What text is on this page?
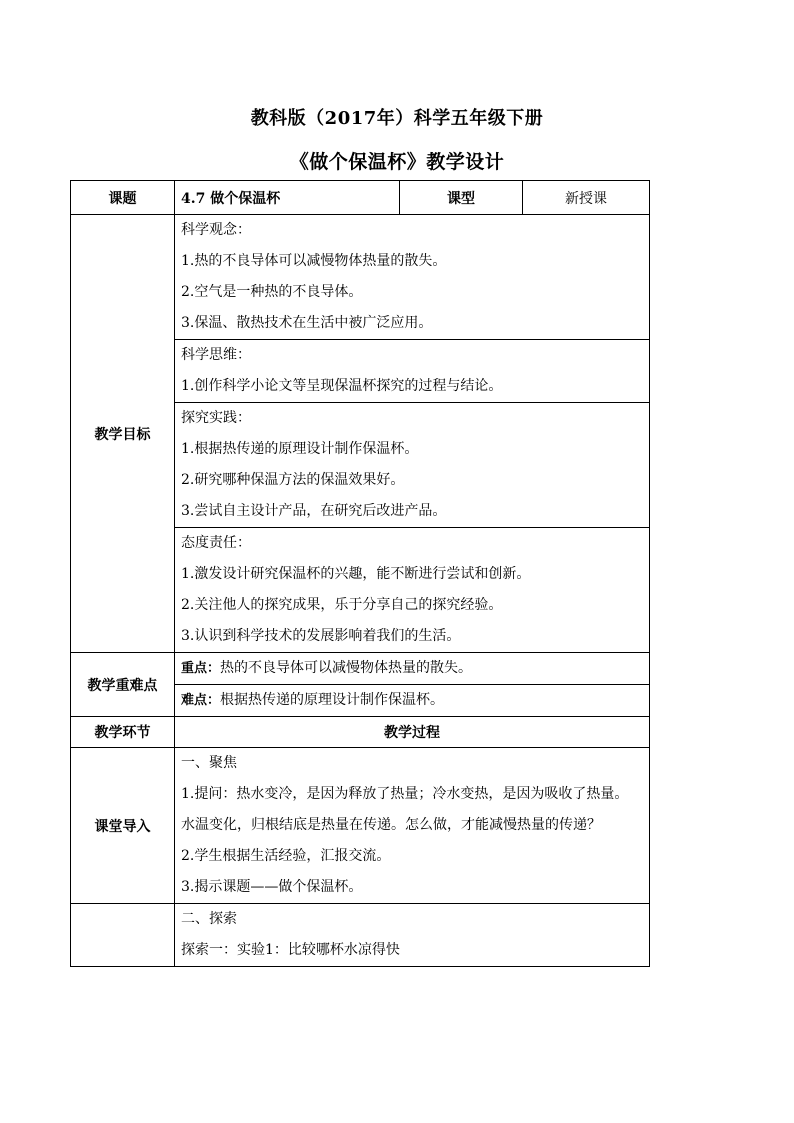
教科版（2017年）科学五年级下册
《做个保温杯》教学设计
课题	4.7 做个保温杯	课型	新授课
教学目标	科学观念：
1.热的不良导体可以减慢物体热量的散失。
2.空气是一种热的不良导体。
3.保温、散热技术在生活中被广泛应用。		

	科学思维：
1.创作科学小论文等呈现保温杯探究的过程与结论。		

	探究实践：
1.根据热传递的原理设计制作保温杯。
2.研究哪种保温方法的保温效果好。
3.尝试自主设计产品，在研究后改进产品。		

	态度责任：
1.激发设计研究保温杯的兴趣，能不断进行尝试和创新。
2.关注他人的探究成果，乐于分享自己的探究经验。
3.认识到科学技术的发展影响着我们的生活。		

教学重难点	重点：热的不良导体可以减慢物体热量的散失。		

	难点：根据热传递的原理设计制作保温杯。		

教学环节	教学过程		
课堂导入	一、聚焦
1.提问：热水变冷，是因为释放了热量；冷水变热，是因为吸收了热量。
水温变化，归根结底是热量在传递。怎么做，才能减慢热量的传递？
2.学生根据生活经验，汇报交流。
3.揭示课题——做个保温杯。		

	二、探索
探索一：实验1：比较哪杯水凉得快		
